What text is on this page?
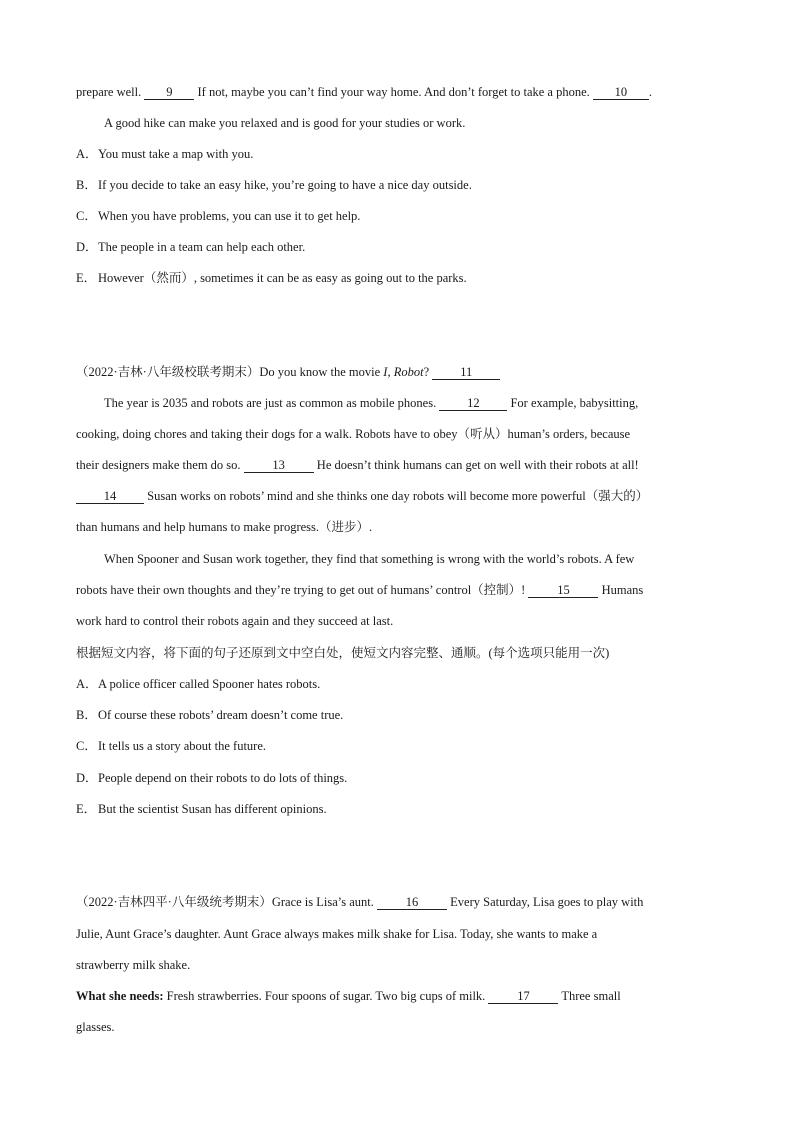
prepare well. 9 If not, maybe you can’t find your way home. And don’t forget to take a phone. 10 .
A good hike can make you relaxed and is good for your studies or work.
A．You must take a map with you.
B．If you decide to take an easy hike, you’re going to have a nice day outside.
C．When you have problems, you can use it to get help.
D．The people in a team can help each other.
E． However（然而）, sometimes it can be as easy as going out to the parks.
（2022·吉林·八年级校联考期末）Do you know the movie I, Robot? 11
The year is 2035 and robots are just as common as mobile phones. 12 For example, babysitting,
cooking, doing chores and taking their dogs for a walk. Robots have to obey（听从）human’s orders, because
their designers make them do so. 13 He doesn’t think humans can get on well with their robots at all!
14 Susan works on robots’ mind and she thinks one day robots will become more powerful（强大的）
than humans and help humans to make progress.（进步）.
When Spooner and Susan work together, they find that something is wrong with the world’s robots. A few
robots have their own thoughts and they’re trying to get out of humans’ control（控制）! 15 Humans
work hard to control their robots again and they succeed at last.
根据短文内容，将下面的句子还原到文中空白处，使短文内容完整、通顺。(每个选项只能用一次)
A．A police officer called Spooner hates robots.
B．Of course these robots’ dream doesn’t come true.
C．It tells us a story about the future.
D．People depend on their robots to do lots of things.
E． But the scientist Susan has different opinions.
（2022·吉林四平·八年级统考期末）Grace is Lisa’s aunt. 16 Every Saturday, Lisa goes to play with
Julie, Aunt Grace’s daughter. Aunt Grace always makes milk shake for Lisa. Today, she wants to make a
strawberry milk shake.
What she needs: Fresh strawberries. Four spoons of sugar. Two big cups of milk. 17 Three small
glasses.
